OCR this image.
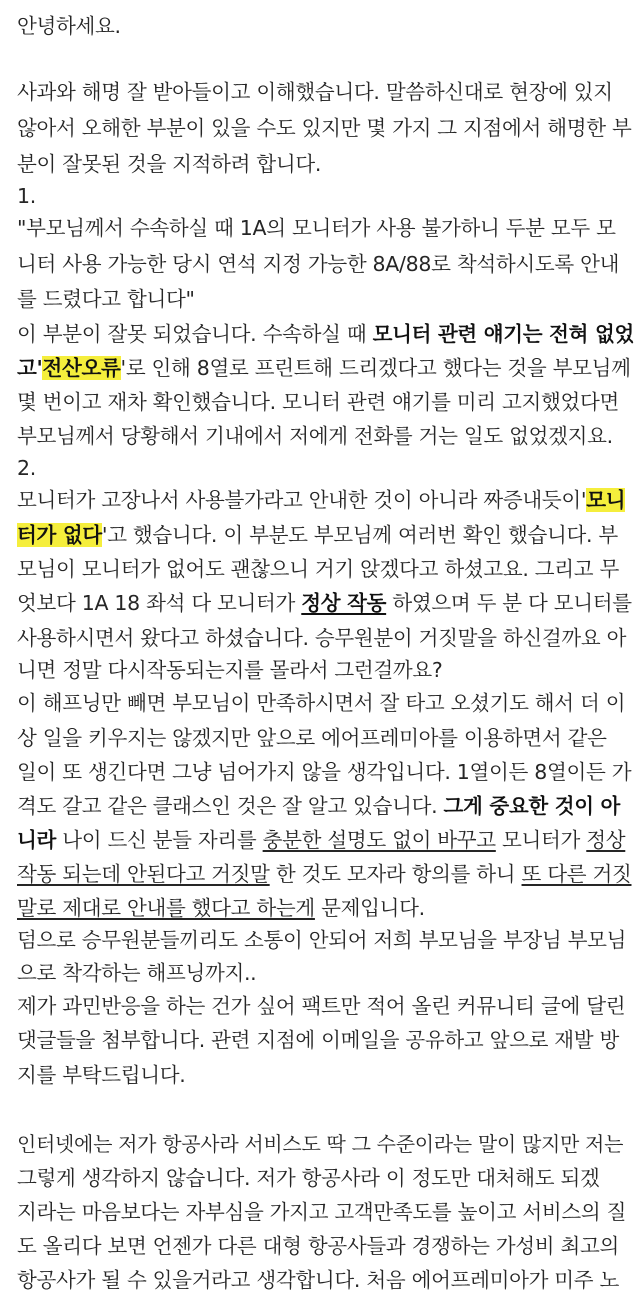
안녕하세요.
사과와 해명 잘 받아들이고 이해했습니다. 말씀하신대로 현장에 있지
않아서 오해한 부분이 있을 수도 있지만 몇 가지 그 지점에서 해명한 부
분이 잘못된 것을 지적하려 합니다.
1.
"부모님께서 수속하실 때 1A의 모니터가 사용 불가하니 두분 모두 모
니터 사용 가능한 당시 연석 지정 가능한 8A/88로 착석하시도록 안내
를 드렸다고 합니다"
이 부분이 잘못 되었습니다. 수속하실 때 모니터 관련 얘기는 전혀 없었
고'전산오류'로 인해 8열로 프린트해 드리겠다고 했다는 것을 부모님께
몇 번이고 재차 확인했습니다. 모니터 관련 얘기를 미리 고지했었다면
부모님께서 당황해서 기내에서 저에게 전화를 거는 일도 없었겠지요.
2.
모니터가 고장나서 사용블가라고 안내한 것이 아니라 짜증내듯이'모니
터가 없다'고 했습니다. 이 부분도 부모님께 여러번 확인 했습니다. 부
모님이 모니터가 없어도 괜찮으니 거기 앉겠다고 하셨고요. 그리고 무
엇보다 1A 18 좌석 다 모니터가 정상 작동 하였으며 두 분 다 모니터를
사용하시면서 왔다고 하셨습니다. 승무원분이 거짓말을 하신걸까요 아
니면 정말 다시작동되는지를 몰라서 그런걸까요?
이 해프닝만 빼면 부모님이 만족하시면서 잘 타고 오셨기도 해서 더 이
상 일을 키우지는 않겠지만 앞으로 에어프레미아를 이용하면서 같은
일이 또 생긴다면 그냥 넘어가지 않을 생각입니다. 1열이든 8열이든 가
격도 갈고 같은 클래스인 것은 잘 알고 있습니다. 그게 중요한 것이 아
니라 나이 드신 분들 자리를 충분한 설명도 없이 바꾸고 모니터가 정상
작동 되는데 안된다고 거짓말 한 것도 모자라 항의를 하니 또 다른 거짓
말로 제대로 안내를 했다고 하는게 문제입니다.
덤으로 승무원분들끼리도 소통이 안되어 저희 부모님을 부장님 부모님
으로 착각하는 해프닝까지..
제가 과민반응을 하는 건가 싶어 팩트만 적어 올린 커뮤니티 글에 달린
댓글들을 첨부합니다. 관련 지점에 이메일을 공유하고 앞으로 재발 방
지를 부탁드립니다.
인터넷에는 저가 항공사라 서비스도 딱 그 수준이라는 말이 많지만 저는
그렇게 생각하지 않습니다. 저가 항공사라 이 정도만 대처해도 되겠
지라는 마음보다는 자부심을 가지고 고객만족도를 높이고 서비스의 질
도 올리다 보면 언젠가 다른 대형 항공사들과 경쟁하는 가성비 최고의
항공사가 될 수 있을거라고 생각합니다. 처음 에어프레미아가 미주 노
